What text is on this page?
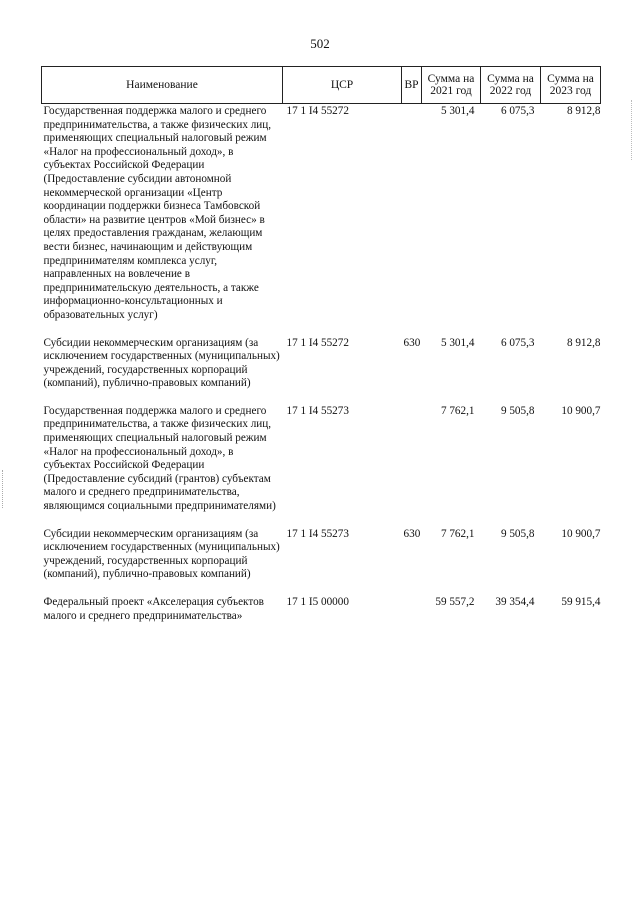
502
Наименование	ЦСР	ВР	Сумма на 2021 год	Сумма на 2022 год	Сумма на 2023 год
Государственная поддержка малого и среднего предпринимательства, а также физических лиц, применяющих специальный налоговый режим «Налог на профессиональный доход», в субъектах Российской Федерации (Предоставление субсидии автономной некоммерческой организации «Центр координации поддержки бизнеса Тамбовской области» на развитие центров «Мой бизнес» в целях предоставления гражданам, желающим вести бизнес, начинающим и действующим предпринимателям комплекса услуг, направленных на вовлечение в предпринимательскую деятельность, а также информационно-консультационных и образовательных услуг)	17 1 I4 55272		5 301,4	6 075,3	8 912,8
Субсидии некоммерческим организациям (за исключением государственных (муниципальных) учреждений, государственных корпораций (компаний), публично-правовых компаний)	17 1 I4 55272	630	5 301,4	6 075,3	8 912,8
Государственная поддержка малого и среднего предпринимательства, а также физических лиц, применяющих специальный налоговый режим «Налог на профессиональный доход», в субъектах Российской Федерации (Предоставление субсидий (грантов) субъектам малого и среднего предпринимательства, являющимся социальными предпринимателями)	17 1 I4 55273		7 762,1	9 505,8	10 900,7
Субсидии некоммерческим организациям (за исключением государственных (муниципальных) учреждений, государственных корпораций (компаний), публично-правовых компаний)	17 1 I4 55273	630	7 762,1	9 505,8	10 900,7
Федеральный проект «Акселерация субъектов малого и среднего предпринимательства»	17 1 I5 00000		59 557,2	39 354,4	59 915,4
